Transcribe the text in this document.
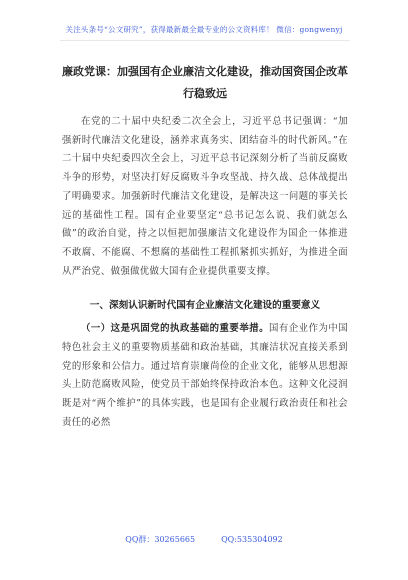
关注头条号“公文研究”，获得最新最全最专业的公文资料库！ 微信：gongwenyj

廉政党课：加强国有企业廉洁文化建设，推动国资国企改革行稳致远

在党的二十届中央纪委二次全会上，习近平总书记强调：“加强新时代廉洁文化建设，涵养求真务实、团结奋斗的时代新风。”在二十届中央纪委四次全会上，习近平总书记深刻分析了当前反腐败斗争的形势，对坚决打好反腐败斗争攻坚战、持久战、总体战提出了明确要求。加强新时代廉洁文化建设，是解决这一问题的事关长远的基础性工程。国有企业要坚定“总书记怎么说、我们就怎么做”的政治自觉，持之以恒把加强廉洁文化建设作为国企一体推进不敢腐、不能腐、不想腐的基础性工程抓紧抓实抓好，为推进全面从严治党、做强做优做大国有企业提供重要支撑。

一、深刻认识新时代国有企业廉洁文化建设的重要意义

（一）这是巩固党的执政基础的重要举措。国有企业作为中国特色社会主义的重要物质基础和政治基础，其廉洁状况直接关系到党的形象和公信力。通过培育崇廉尚俭的企业文化，能够从思想源头上防范腐败风险，使党员干部始终保持政治本色。这种文化浸润既是对“两个维护”的具体实践，也是国有企业履行政治责任和社会责任的必然

QQ群：30265665	QQ:535304092
